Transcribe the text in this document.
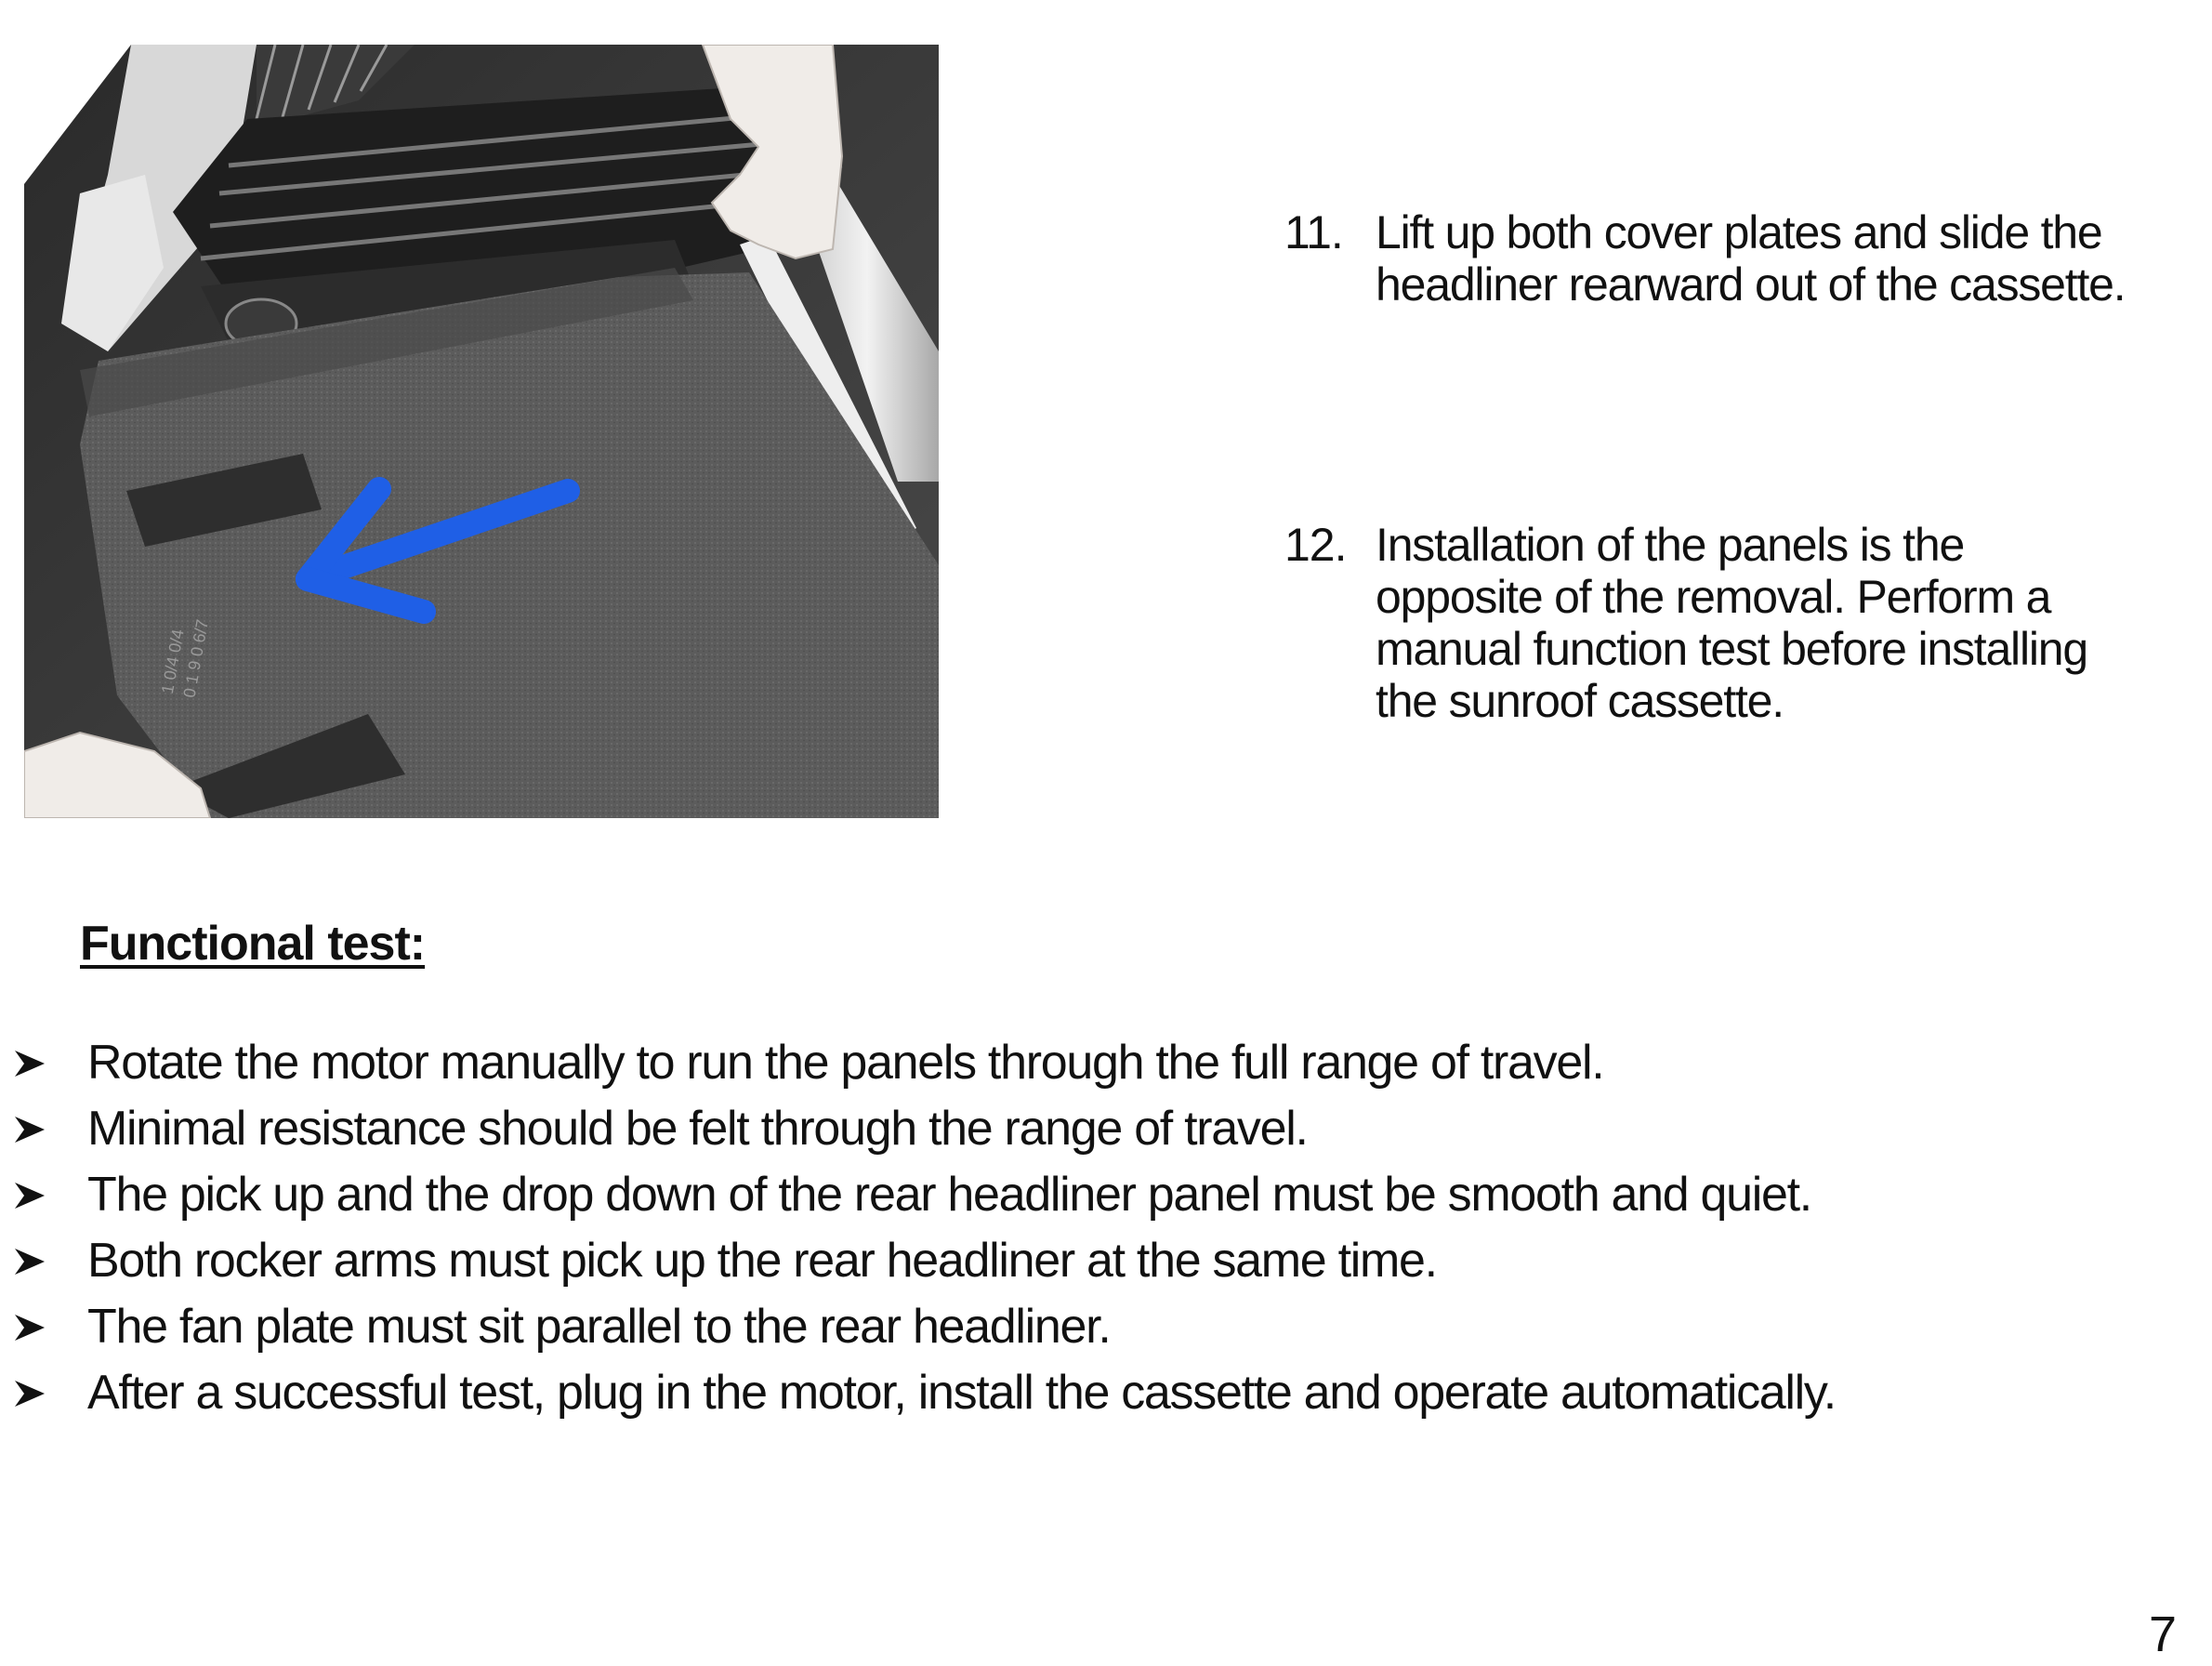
1 0/4 0/4
0 1 9 0 6/7
11. Lift up both cover plates and slide the
headliner rearward out of the cassette.
12. Installation of the panels is the
opposite of the removal. Perform a
manual function test before installing
the sunroof cassette.
Functional test:
Rotate the motor manually to run the panels through the full range of travel.
Minimal resistance should be felt through the range of travel.
The pick up and the drop down of the rear headliner panel must be smooth and quiet.
Both rocker arms must pick up the rear headliner at the same time.
The fan plate must sit parallel to the rear headliner.
After a successful test, plug in the motor, install the cassette and operate automatically.
7
